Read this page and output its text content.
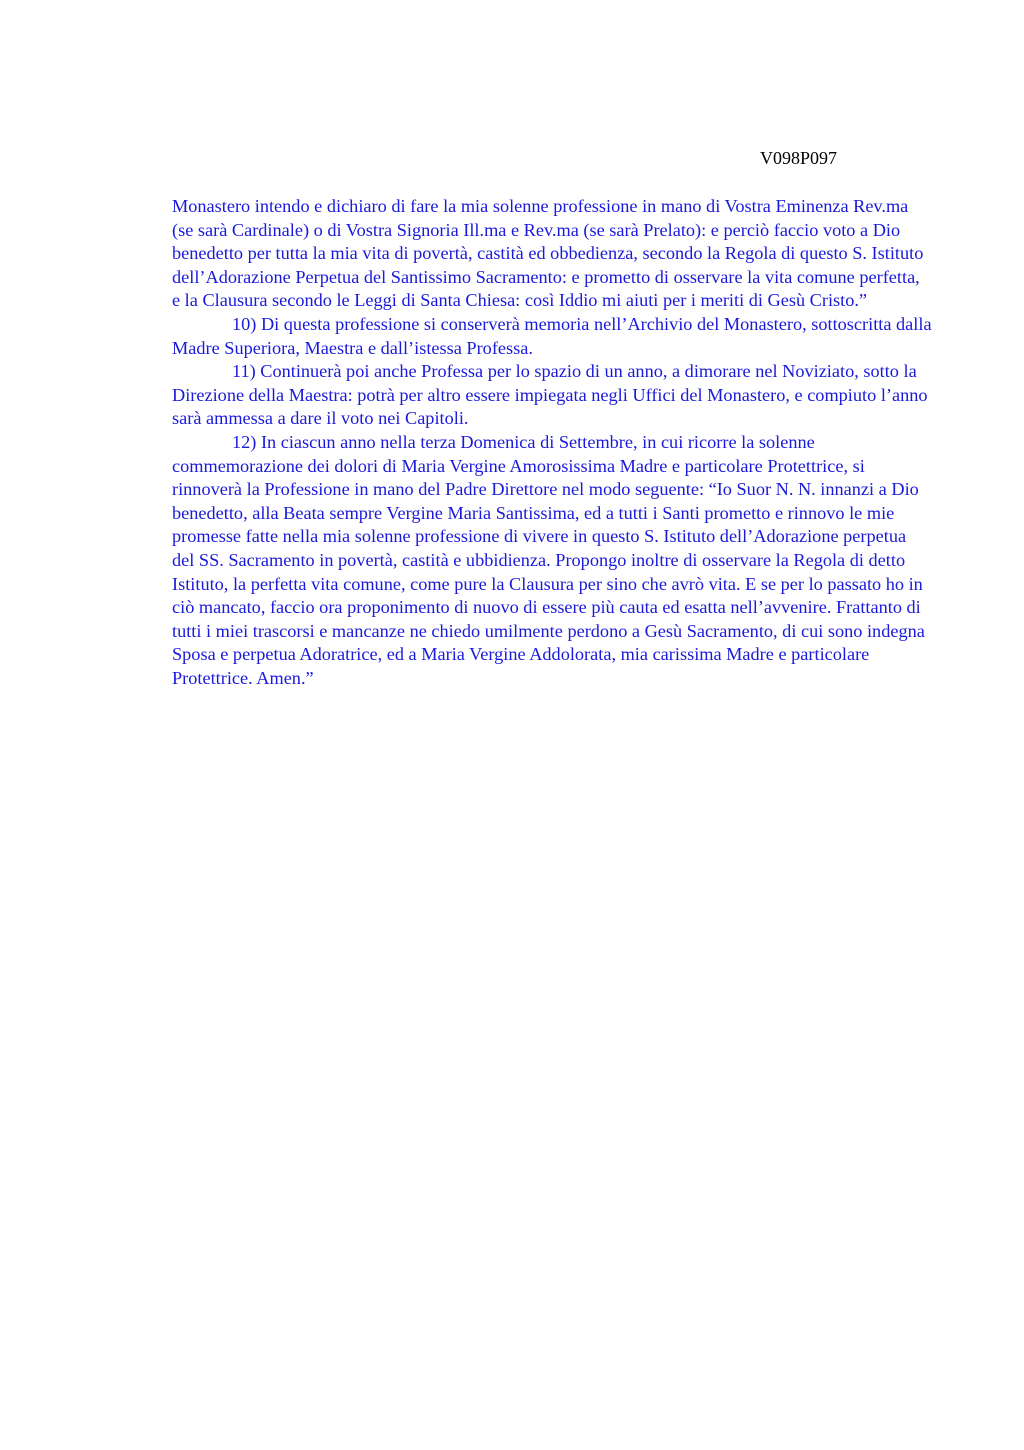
V098P097

Monastero intendo e dichiaro di fare la mia solenne professione in mano di Vostra Eminenza Rev.ma (se sarà Cardinale) o di Vostra Signoria Ill.ma e Rev.ma (se sarà Prelato): e perciò faccio voto a Dio benedetto per tutta la mia vita di povertà, castità ed obbedienza, secondo la Regola di questo S. Istituto dell’Adorazione Perpetua del Santissimo Sacramento: e prometto di osservare la vita comune perfetta, e la Clausura secondo le Leggi di Santa Chiesa: così Iddio mi aiuti per i meriti di Gesù Cristo.”

10) Di questa professione si conserverà memoria nell’Archivio del Monastero, sottoscritta dalla Madre Superiora, Maestra e dall’istessa Professa.

11) Continuerà poi anche Professa per lo spazio di un anno, a dimorare nel Noviziato, sotto la Direzione della Maestra: potrà per altro essere impiegata negli Uffici del Monastero, e compiuto l’anno sarà ammessa a dare il voto nei Capitoli.

12) In ciascun anno nella terza Domenica di Settembre, in cui ricorre la solenne commemorazione dei dolori di Maria Vergine Amorosissima Madre e particolare Protettrice, si rinnoverà la Professione in mano del Padre Direttore nel modo seguente: “Io Suor N. N. innanzi a Dio benedetto, alla Beata sempre Vergine Maria Santissima, ed a tutti i Santi prometto e rinnovo le mie promesse fatte nella mia solenne professione di vivere in questo S. Istituto dell’Adorazione perpetua del SS. Sacramento in povertà, castità e ubbidienza. Propongo inoltre di osservare la Regola di detto Istituto, la perfetta vita comune, come pure la Clausura per sino che avrò vita. E se per lo passato ho in ciò mancato, faccio ora proponimento di nuovo di essere più cauta ed esatta nell’avvenire. Frattanto di tutti i miei trascorsi e mancanze ne chiedo umilmente perdono a Gesù Sacramento, di cui sono indegna Sposa e perpetua Adoratrice, ed a Maria Vergine Addolorata, mia carissima Madre e particolare Protettrice. Amen.”
